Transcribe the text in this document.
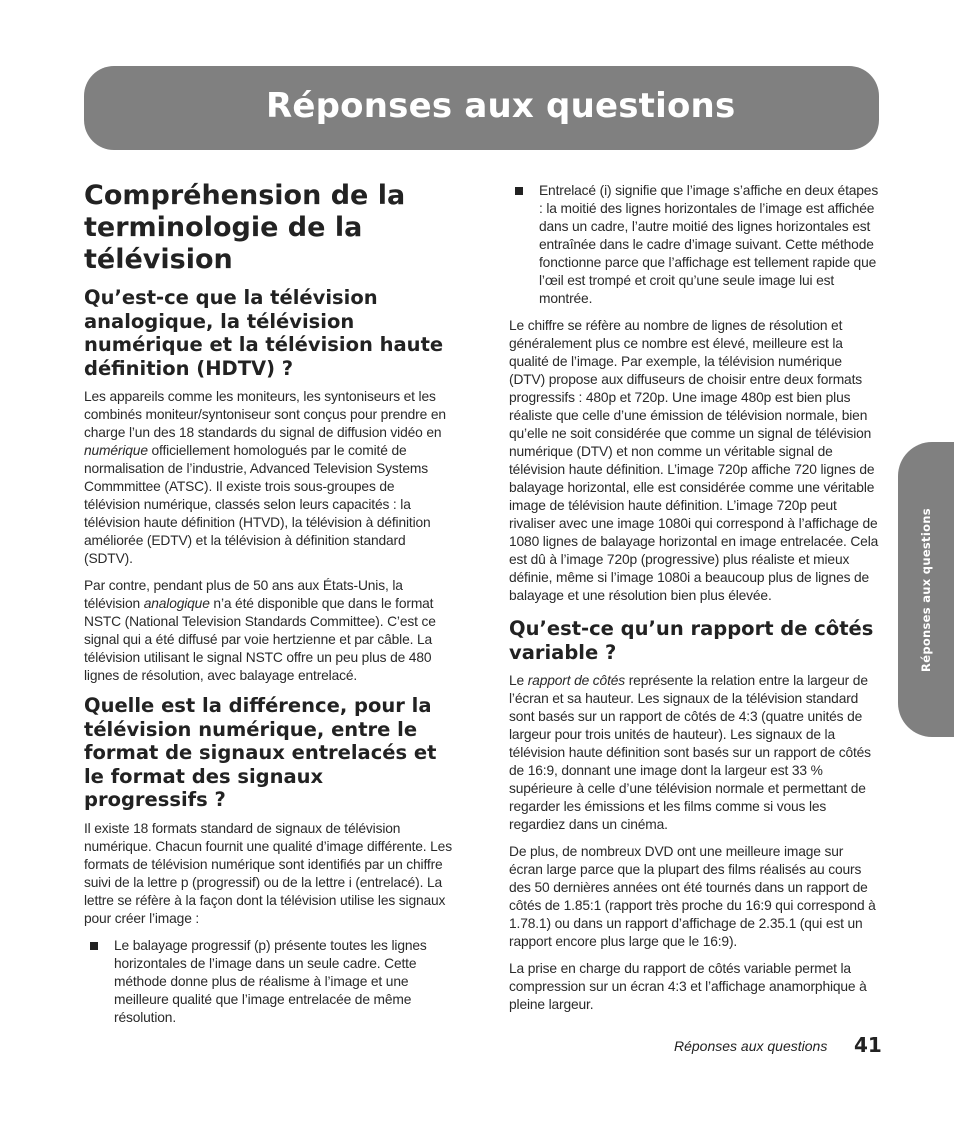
Réponses aux questions
Compréhension de la terminologie de la télévision
Qu’est-ce que la télévision analogique, la télévision numérique et la télévision haute définition (HDTV) ?

Les appareils comme les moniteurs, les syntoniseurs et les combinés moniteur/syntoniseur sont conçus pour prendre en charge l’un des 18 standards du signal de diffusion vidéo en numérique officiellement homologués par le comité de normalisation de l’industrie, Advanced Television Systems Commmittee (ATSC). Il existe trois sous-groupes de télévision numérique, classés selon leurs capacités : la télévision haute définition (HTVD), la télévision à définition améliorée (EDTV) et la télévision à définition standard (SDTV).

Par contre, pendant plus de 50 ans aux États-Unis, la télévision analogique n’a été disponible que dans le format NSTC (National Television Standards Committee). C’est ce signal qui a été diffusé par voie hertzienne et par câble. La télévision utilisant le signal NSTC offre un peu plus de 480 lignes de résolution, avec balayage entrelacé.

Quelle est la différence, pour la télévision numérique, entre le format de signaux entrelacés et le format des signaux progressifs ?

Il existe 18 formats standard de signaux de télévision numérique. Chacun fournit une qualité d’image différente. Les formats de télévision numérique sont identifiés par un chiffre suivi de la lettre p (progressif) ou de la lettre i (entrelacé). La lettre se réfère à la façon dont la télévision utilise les signaux pour créer l’image :

Le balayage progressif (p) présente toutes les lignes horizontales de l’image dans un seule cadre. Cette méthode donne plus de réalisme à l’image et une meilleure qualité que l’image entrelacée de même résolution.

Entrelacé (i) signifie que l’image s’affiche en deux étapes : la moitié des lignes horizontales de l’image est affichée dans un cadre, l’autre moitié des lignes horizontales est entraînée dans le cadre d’image suivant. Cette méthode fonctionne parce que l’affichage est tellement rapide que l’œil est trompé et croit qu’une seule image lui est montrée.

Le chiffre se réfère au nombre de lignes de résolution et généralement plus ce nombre est élevé, meilleure est la qualité de l’image. Par exemple, la télévision numérique (DTV) propose aux diffuseurs de choisir entre deux formats progressifs : 480p et 720p. Une image 480p est bien plus réaliste que celle d’une émission de télévision normale, bien qu’elle ne soit considérée que comme un signal de télévision numérique (DTV) et non comme un véritable signal de télévision haute définition. L’image 720p affiche 720 lignes de balayage horizontal, elle est considérée comme une véritable image de télévision haute définition. L’image 720p peut rivaliser avec une image 1080i qui correspond à l’affichage de 1080 lignes de balayage horizontal en image entrelacée. Cela est dû à l’image 720p (progressive) plus réaliste et mieux définie, même si l’image 1080i a beaucoup plus de lignes de balayage et une résolution bien plus élevée.

Qu’est-ce qu’un rapport de côtés variable ?

Le rapport de côtés représente la relation entre la largeur de l’écran et sa hauteur. Les signaux de la télévision standard sont basés sur un rapport de côtés de 4:3 (quatre unités de largeur pour trois unités de hauteur). Les signaux de la télévision haute définition sont basés sur un rapport de côtés de 16:9, donnant une image dont la largeur est 33 % supérieure à celle d’une télévision normale et permettant de regarder les émissions et les films comme si vous les regardiez dans un cinéma.

De plus, de nombreux DVD ont une meilleure image sur écran large parce que la plupart des films réalisés au cours des 50 dernières années ont été tournés dans un rapport de côtés de 1.85:1 (rapport très proche du 16:9 qui correspond à 1.78.1) ou dans un rapport d’affichage de 2.35.1 (qui est un rapport encore plus large que le 16:9).

La prise en charge du rapport de côtés variable permet la compression sur un écran 4:3 et l’affichage anamorphique à pleine largeur.

Réponses aux questions
Réponses aux questions 41
